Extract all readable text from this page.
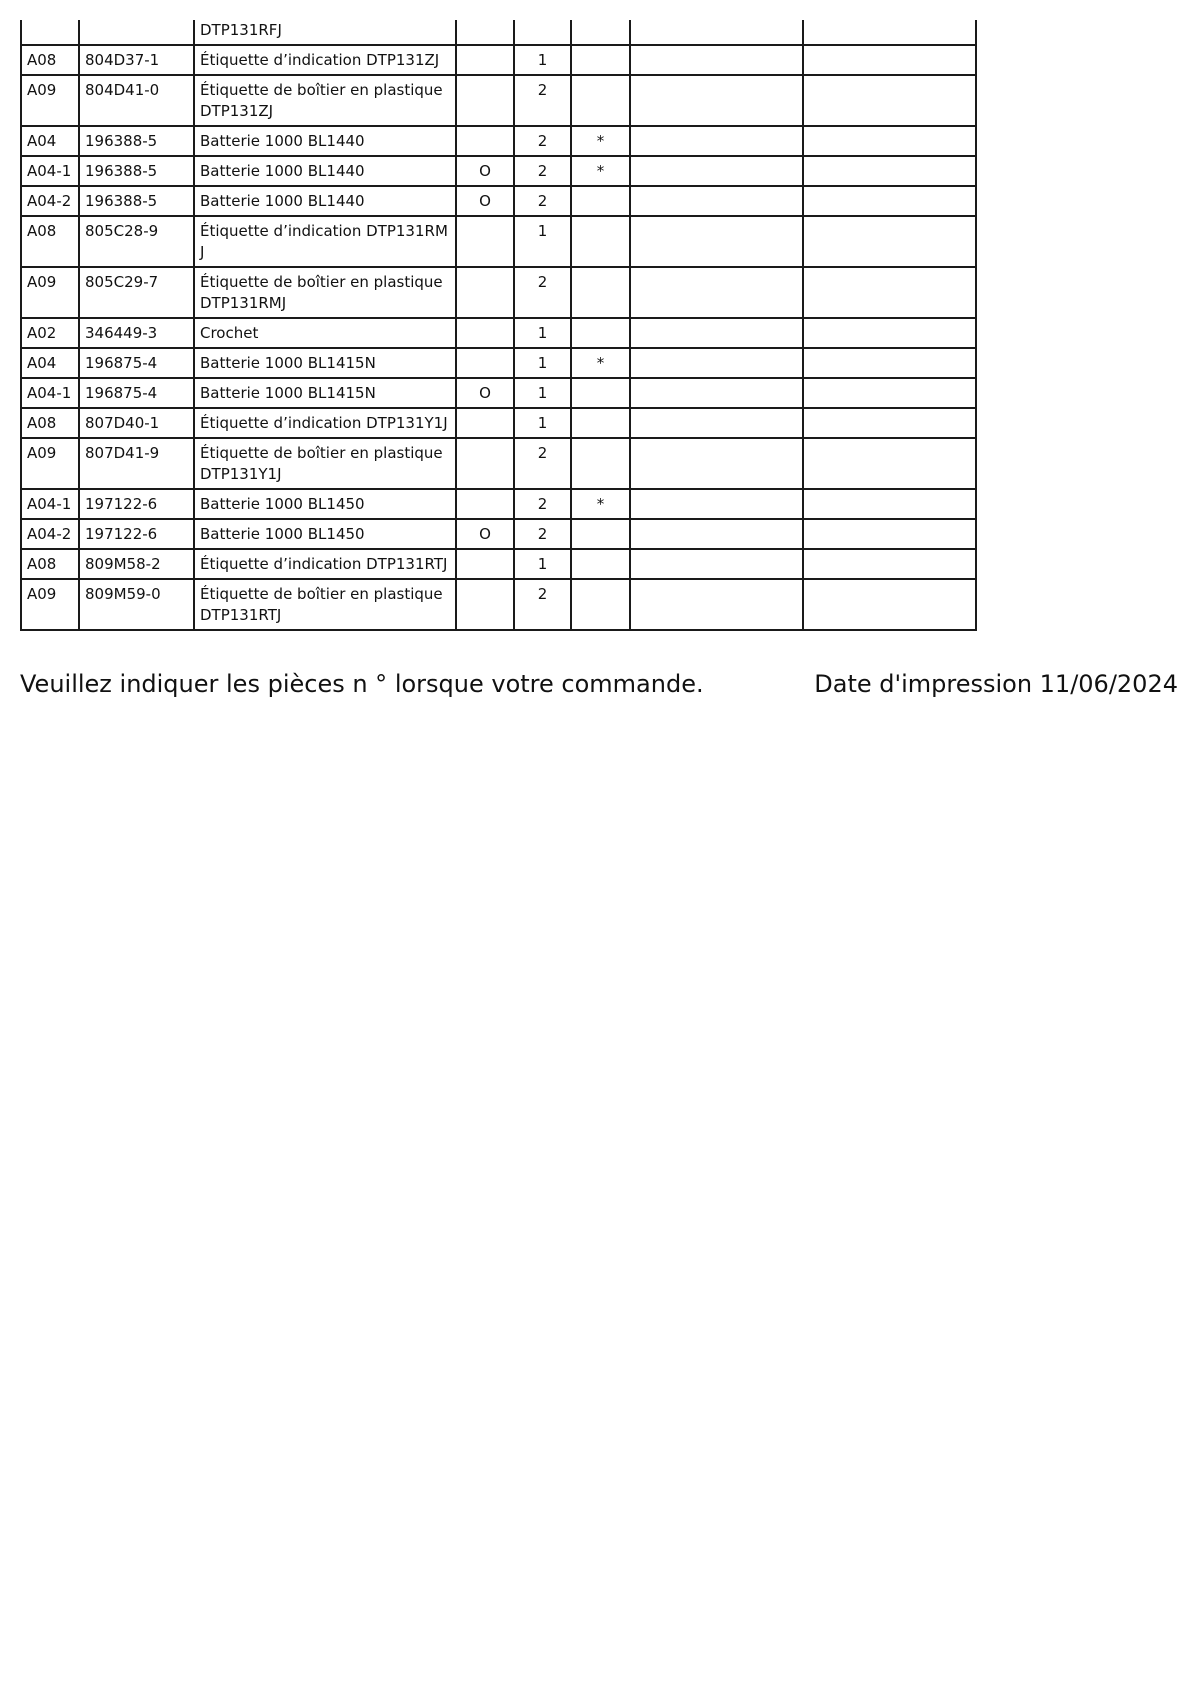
		DTP131RFJ					
A08	804D37-1	Étiquette d’indication DTP131ZJ		1			
A09	804D41-0	Étiquette de boîtier en plastique DTP131ZJ		2			
A04	196388-5	Batterie 1000 BL1440		2	*		
A04-1	196388-5	Batterie 1000 BL1440	O	2	*		
A04-2	196388-5	Batterie 1000 BL1440	O	2			
A08	805C28-9	Étiquette d’indication DTP131RM J		1			
A09	805C29-7	Étiquette de boîtier en plastique DTP131RMJ		2			
A02	346449-3	Crochet		1			
A04	196875-4	Batterie 1000 BL1415N		1	*		
A04-1	196875-4	Batterie 1000 BL1415N	O	1			
A08	807D40-1	Étiquette d’indication DTP131Y1J		1			
A09	807D41-9	Étiquette de boîtier en plastique DTP131Y1J		2			
A04-1	197122-6	Batterie 1000 BL1450		2	*		
A04-2	197122-6	Batterie 1000 BL1450	O	2			
A08	809M58-2	Étiquette d’indication DTP131RTJ		1			
A09	809M59-0	Étiquette de boîtier en plastique DTP131RTJ		2			
Veuillez indiquer les pièces n ° lorsque votre commande.	Date d'impression 11/06/2024
